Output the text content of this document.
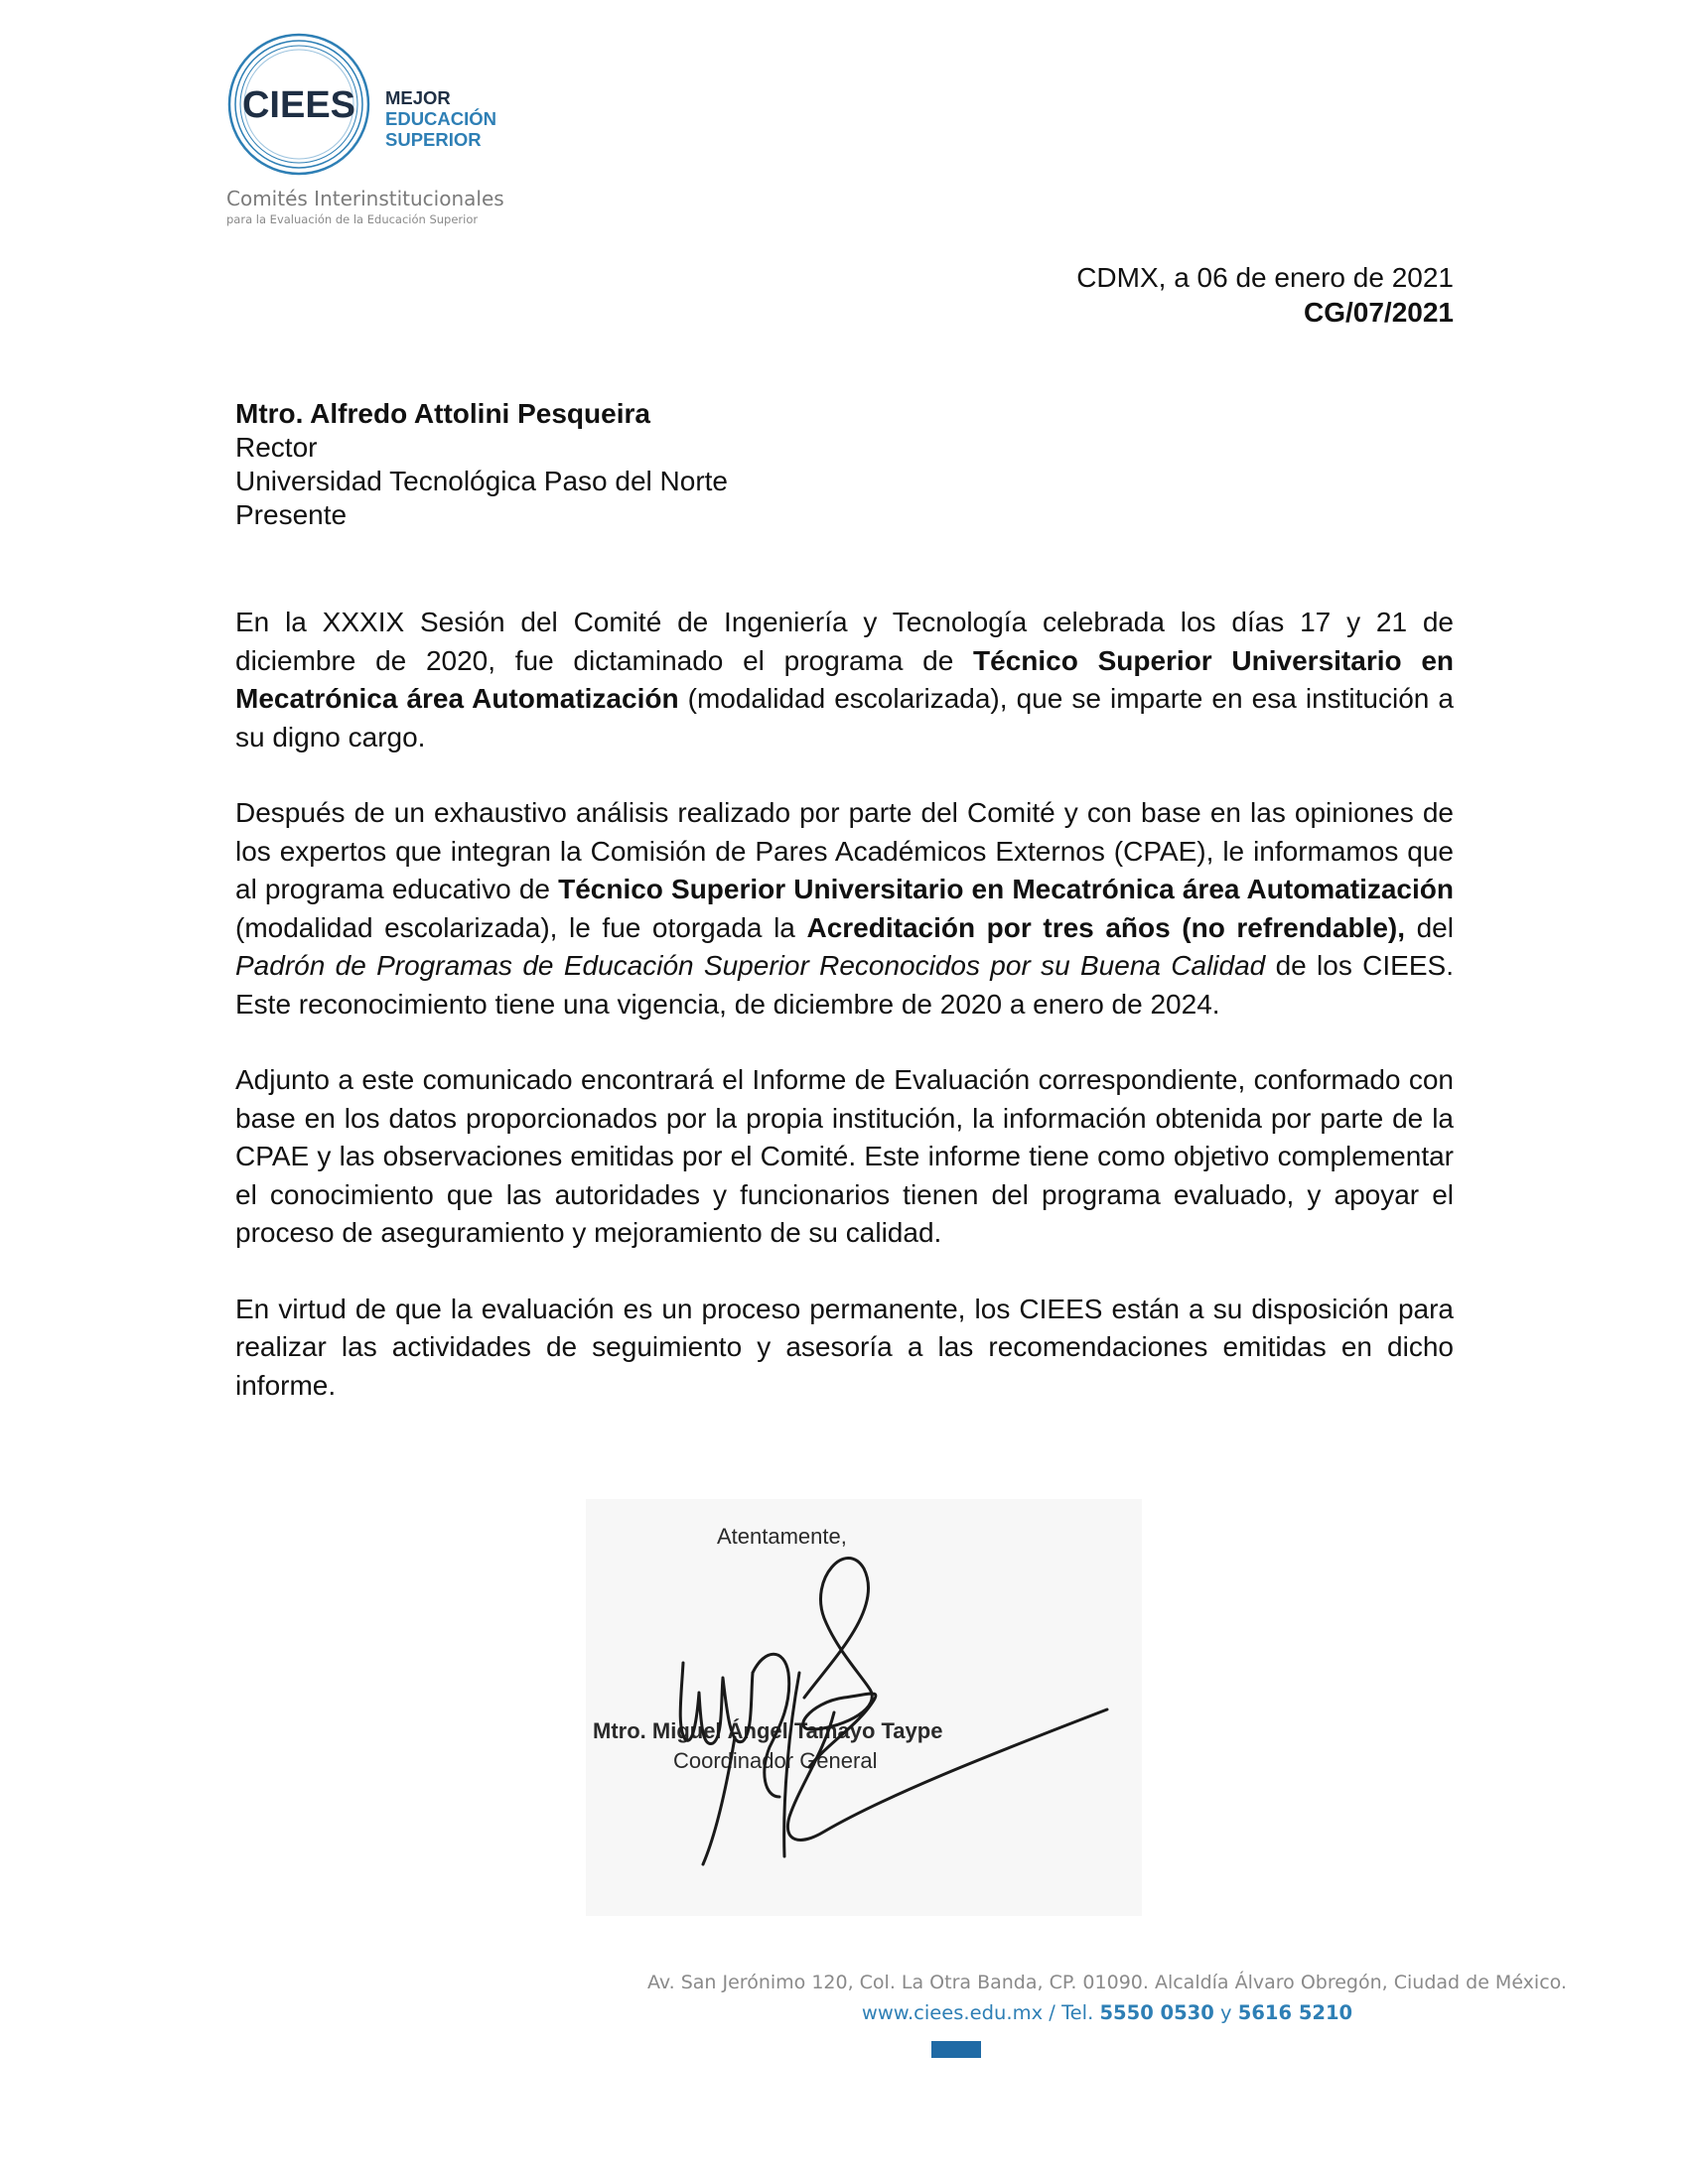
CIEES MEJOR
EDUCACIÓN
SUPERIOR
Comités Interinstitucionales
para la Evaluación de la Educación Superior
CDMX, a 06 de enero de 2021
CG/07/2021
Mtro. Alfredo Attolini Pesqueira
Rector
Universidad Tecnológica Paso del Norte
Presente

En la XXXIX Sesión del Comité de Ingeniería y Tecnología celebrada los días 17 y 21 de diciembre de 2020, fue dictaminado el programa de Técnico Superior Universitario en Mecatrónica área Automatización (modalidad escolarizada), que se imparte en esa institución a su digno cargo.

Después de un exhaustivo análisis realizado por parte del Comité y con base en las opiniones de los expertos que integran la Comisión de Pares Académicos Externos (CPAE), le informamos que al programa educativo de Técnico Superior Universitario en Mecatrónica área Automatización (modalidad escolarizada), le fue otorgada la Acreditación por tres años (no refrendable), del Padrón de Programas de Educación Superior Reconocidos por su Buena Calidad de los CIEES. Este reconocimiento tiene una vigencia, de diciembre de 2020 a enero de 2024.

Adjunto a este comunicado encontrará el Informe de Evaluación correspondiente, conformado con base en los datos proporcionados por la propia institución, la información obtenida por parte de la CPAE y las observaciones emitidas por el Comité. Este informe tiene como objetivo complementar el conocimiento que las autoridades y funcionarios tienen del programa evaluado, y apoyar el proceso de aseguramiento y mejoramiento de su calidad.

En virtud de que la evaluación es un proceso permanente, los CIEES están a su disposición para realizar las actividades de seguimiento y asesoría a las recomendaciones emitidas en dicho informe.

Atentamente,
Mtro. Miguel Ángel Tamayo Taype
Coordinador General
Av. San Jerónimo 120, Col. La Otra Banda, CP. 01090. Alcaldía Álvaro Obregón, Ciudad de México.
www.ciees.edu.mx / Tel. 5550 0530 y 5616 5210
